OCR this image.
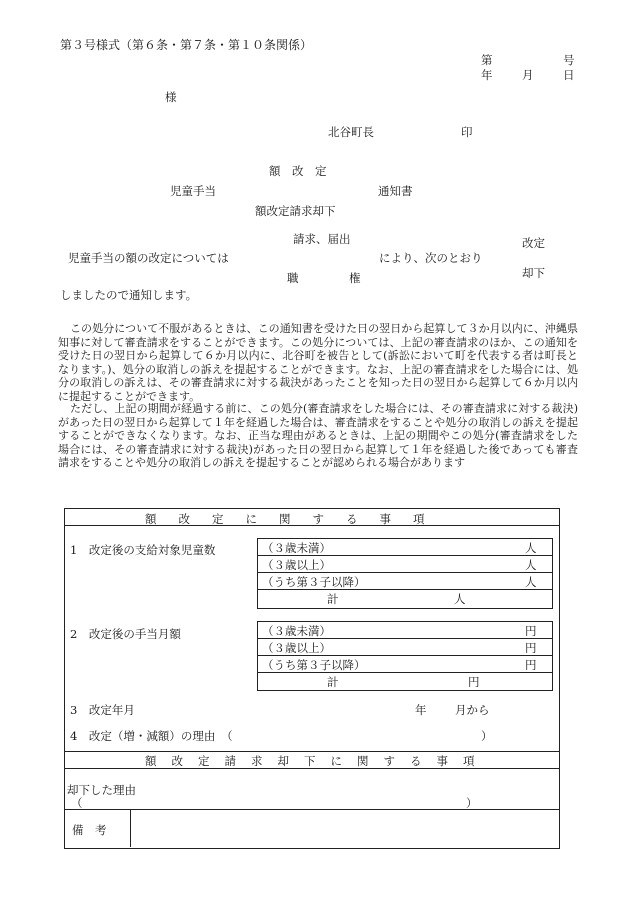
第３号様式（第６条・第７条・第１０条関係）
第	号
年	月	日
様
北谷町長	印
額　改　定
児童手当	通知書
額改定請求却下
請求、届出	改定
児童手当の額の改定については	により、次のとおり
職	権	却下
しましたので通知します。
この処分について不服があるときは、この通知書を受けた日の翌日から起算して３か月以内に、沖縄県知事に対して審査請求をすることができます。この処分については、上記の審査請求のほか、この通知を受けた日の翌日から起算して６か月以内に、北谷町を被告として(訴訟において町を代表する者は町長となります。)、処分の取消しの訴えを提起することができます。なお、上記の審査請求をした場合には、処分の取消しの訴えは、その審査請求に対する裁決があったことを知った日の翌日から起算して６か月以内に提起することができます。
ただし、上記の期間が経過する前に、この処分(審査請求をした場合には、その審査請求に対する裁決)があった日の翌日から起算して１年を経過した場合は、審査請求をすることや処分の取消しの訴えを提起することができなくなります。なお、正当な理由があるときは、上記の期間やこの処分(審査請求をした場合には、その審査請求に対する裁決)があった日の翌日から起算して１年を経過した後であっても審査請求をすることや処分の取消しの訴えを提起することが認められる場合があります
額改定に関する事項
1　改定後の支給対象児童数	（３歳未満）	人
（３歳以上）	人
（うち第３子以降）	人
計	人
2　改定後の手当月額	（３歳未満）	円
（３歳以上）	円
（うち第３子以降）	円
計	円
3　改定年月	年 月から
4　改定（増・減額）の理由　（	）
額改定請求却下に関する事項
却下した理由
（	）
備　考
